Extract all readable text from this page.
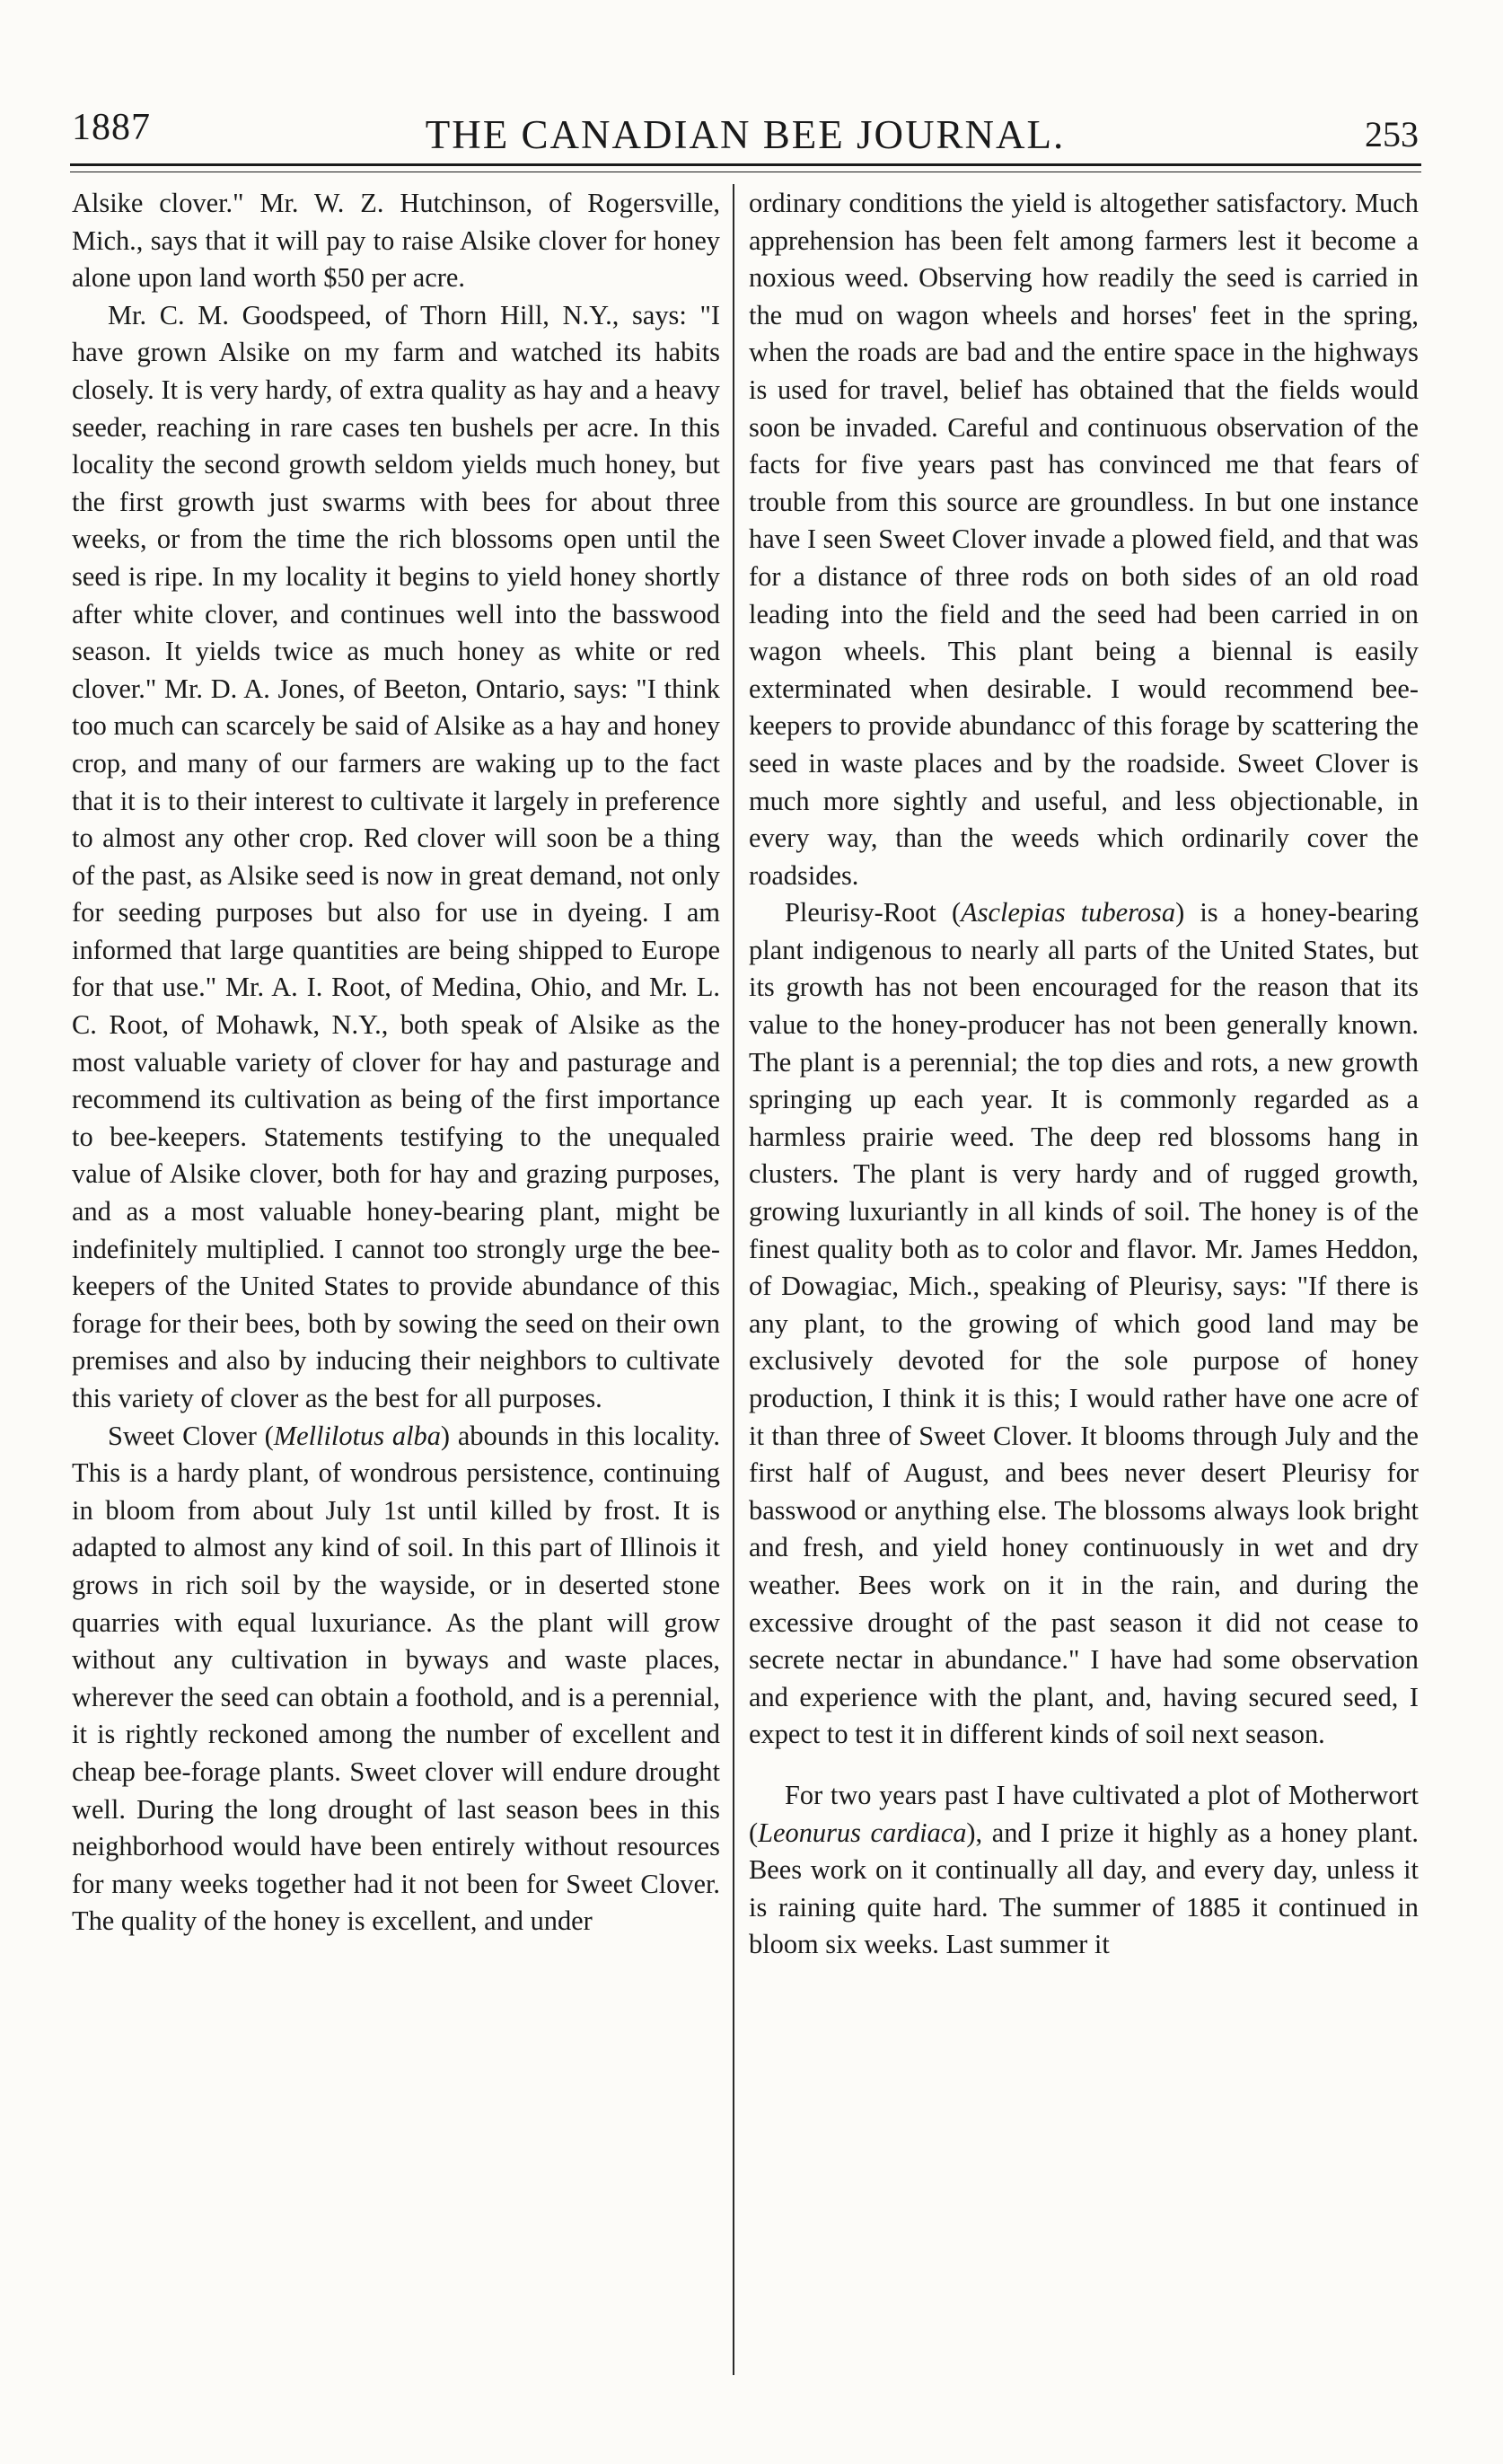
1887	THE CANADIAN BEE JOURNAL.	253

Alsike clover." Mr. W. Z. Hutchinson, of Rogersville, Mich., says that it will pay to raise Alsike clover for honey alone upon land worth $50 per acre.

Mr. C. M. Goodspeed, of Thorn Hill, N.Y., says: "I have grown Alsike on my farm and watched its habits closely. It is very hardy, of extra quality as hay and a heavy seeder, reaching in rare cases ten bushels per acre. In this locality the second growth seldom yields much honey, but the first growth just swarms with bees for about three weeks, or from the time the rich blossoms open until the seed is ripe. In my locality it begins to yield honey shortly after white clover, and continues well into the basswood season. It yields twice as much honey as white or red clover." Mr. D. A. Jones, of Beeton, Ontario, says: "I think too much can scarcely be said of Alsike as a hay and honey crop, and many of our farmers are waking up to the fact that it is to their interest to cultivate it largely in preference to almost any other crop. Red clover will soon be a thing of the past, as Alsike seed is now in great demand, not only for seeding purposes but also for use in dyeing. I am informed that large quantities are being shipped to Europe for that use." Mr. A. I. Root, of Medina, Ohio, and Mr. L. C. Root, of Mohawk, N.Y., both speak of Alsike as the most valuable variety of clover for hay and pasturage and recommend its cultivation as being of the first importance to bee-keepers. Statements testifying to the unequaled value of Alsike clover, both for hay and grazing purposes, and as a most valuable honey-bearing plant, might be indefinitely multiplied. I cannot too strongly urge the bee-keepers of the United States to provide abundance of this forage for their bees, both by sowing the seed on their own premises and also by inducing their neighbors to cultivate this variety of clover as the best for all purposes.

Sweet Clover (Mellilotus alba) abounds in this locality. This is a hardy plant, of wondrous persistence, continuing in bloom from about July 1st until killed by frost. It is adapted to almost any kind of soil. In this part of Illinois it grows in rich soil by the wayside, or in deserted stone quarries with equal luxuriance. As the plant will grow without any cultivation in byways and waste places, wherever the seed can obtain a foothold, and is a perennial, it is rightly reckoned among the number of excellent and cheap bee-forage plants. Sweet clover will endure drought well. During the long drought of last season bees in this neighborhood would have been entirely without resources for many weeks together had it not been for Sweet Clover. The quality of the honey is excellent, and under

ordinary conditions the yield is altogether satisfactory. Much apprehension has been felt among farmers lest it become a noxious weed. Observing how readily the seed is carried in the mud on wagon wheels and horses' feet in the spring, when the roads are bad and the entire space in the highways is used for travel, belief has obtained that the fields would soon be invaded. Careful and continuous observation of the facts for five years past has convinced me that fears of trouble from this source are groundless. In but one instance have I seen Sweet Clover invade a plowed field, and that was for a distance of three rods on both sides of an old road leading into the field and the seed had been carried in on wagon wheels. This plant being a biennal is easily exterminated when desirable. I would recommend bee-keepers to provide abundancc of this forage by scattering the seed in waste places and by the roadside. Sweet Clover is much more sightly and useful, and less objectionable, in every way, than the weeds which ordinarily cover the roadsides.

Pleurisy-Root (Asclepias tuberosa) is a honey-bearing plant indigenous to nearly all parts of the United States, but its growth has not been encouraged for the reason that its value to the honey-producer has not been generally known. The plant is a perennial; the top dies and rots, a new growth springing up each year. It is commonly regarded as a harmless prairie weed. The deep red blossoms hang in clusters. The plant is very hardy and of rugged growth, growing luxuriantly in all kinds of soil. The honey is of the finest quality both as to color and flavor. Mr. James Heddon, of Dowagiac, Mich., speaking of Pleurisy, says: "If there is any plant, to the growing of which good land may be exclusively devoted for the sole purpose of honey production, I think it is this; I would rather have one acre of it than three of Sweet Clover. It blooms through July and the first half of August, and bees never desert Pleurisy for basswood or anything else. The blossoms always look bright and fresh, and yield honey continuously in wet and dry weather. Bees work on it in the rain, and during the excessive drought of the past season it did not cease to secrete nectar in abundance." I have had some observation and experience with the plant, and, having secured seed, I expect to test it in different kinds of soil next season.

For two years past I have cultivated a plot of Motherwort (Leonurus cardiaca), and I prize it highly as a honey plant. Bees work on it continually all day, and every day, unless it is raining quite hard. The summer of 1885 it continued in bloom six weeks. Last summer it
